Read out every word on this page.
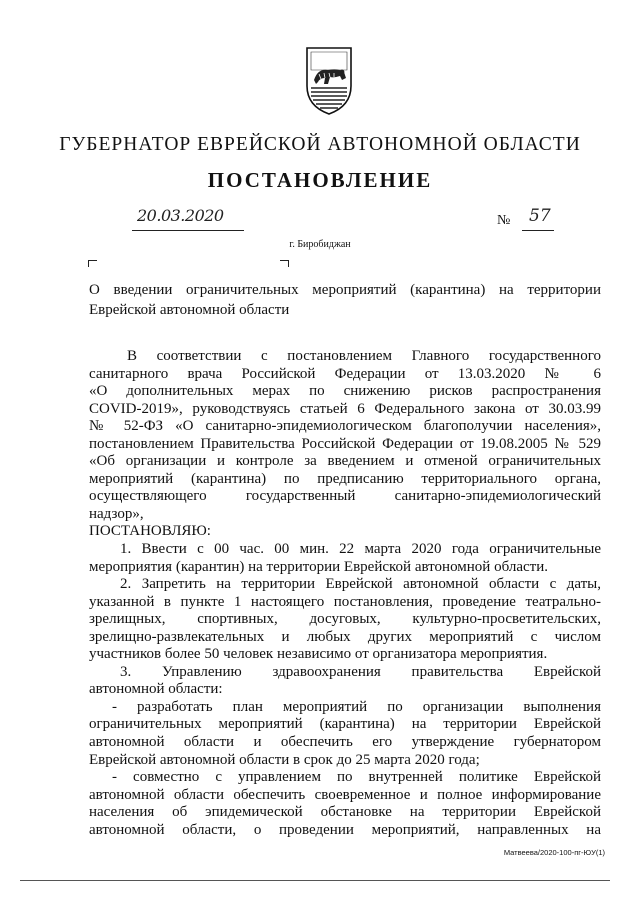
ГУБЕРНАТОР ЕВРЕЙСКОЙ АВТОНОМНОЙ ОБЛАСТИ
ПОСТАНОВЛЕНИЕ
20.03.2020	№ 57
г. Биробиджан
О введении ограничительных мероприятий (карантина) на территории Еврейской автономной области

В соответствии с постановлением Главного государственного

санитарного врача Российской Федерации от 13.03.2020 № 6

«О дополнительных мерах по снижению рисков распространения

COVID-2019», руководствуясь статьей 6 Федерального закона от 30.03.99

№ 52-ФЗ «О санитарно-эпидемиологическом благополучии населения»,

постановлением Правительства Российской Федерации от 19.08.2005 № 529

«Об организации и контроле за введением и отменой ограничительных

мероприятий (карантина) по предписанию территориального органа,

осуществляющего государственный санитарно-эпидемиологический

надзор»,

ПОСТАНОВЛЯЮ:

1. Ввести с 00 час. 00 мин. 22 марта 2020 года ограничительные

мероприятия (карантин) на территории Еврейской автономной области.

2. Запретить на территории Еврейской автономной области с даты,

указанной в пункте 1 настоящего постановления, проведение театрально-

зрелищных, спортивных, досуговых, культурно-просветительских,

зрелищно-развлекательных и любых других мероприятий с числом

участников более 50 человек независимо от организатора мероприятия.

3. Управлению здравоохранения правительства Еврейской

автономной области:

- разработать план мероприятий по организации выполнения

ограничительных мероприятий (карантина) на территории Еврейской

автономной области и обеспечить его утверждение губернатором

Еврейской автономной области в срок до 25 марта 2020 года;

- совместно с управлением по внутренней политике Еврейской

автономной области обеспечить своевременное и полное информирование

населения об эпидемической обстановке на территории Еврейской

автономной области, о проведении мероприятий, направленных на

Матвеева/2020-100-пг-ЮУ(1)
